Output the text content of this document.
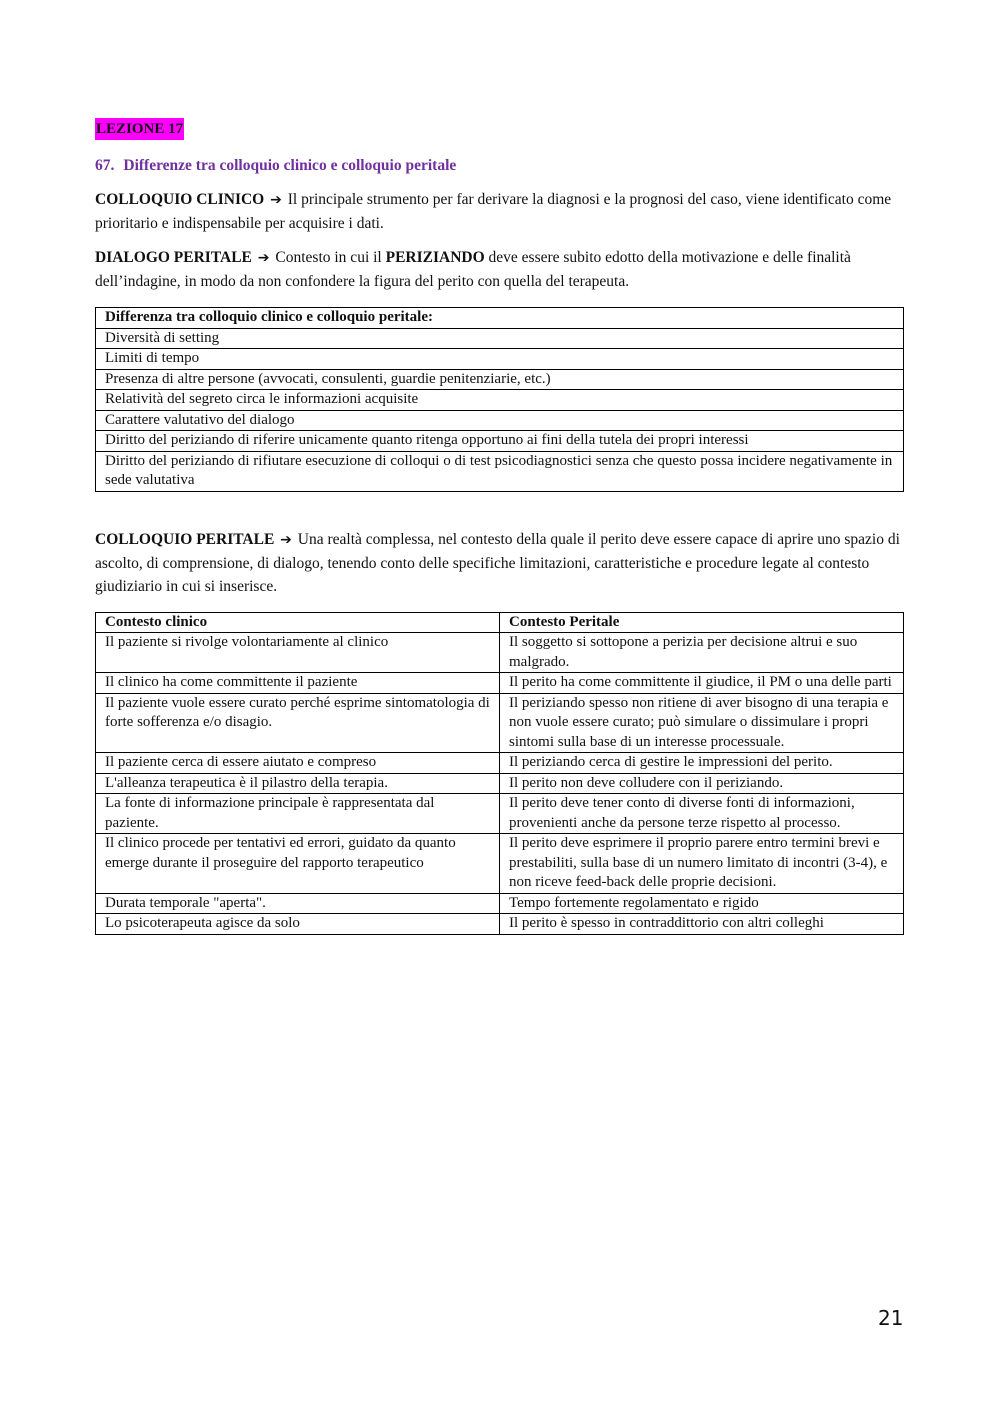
LEZIONE 17
67. Differenze tra colloquio clinico e colloquio peritale
COLLOQUIO CLINICO ➔ Il principale strumento per far derivare la diagnosi e la prognosi del caso, viene identificato come prioritario e indispensabile per acquisire i dati.
DIALOGO PERITALE ➔ Contesto in cui il PERIZIANDO deve essere subito edotto della motivazione e delle finalità dell’indagine, in modo da non confondere la figura del perito con quella del terapeuta.
Differenza tra colloquio clinico e colloquio peritale:
Diversità di setting
Limiti di tempo
Presenza di altre persone (avvocati, consulenti, guardie penitenziarie, etc.)
Relatività del segreto circa le informazioni acquisite
Carattere valutativo del dialogo
Diritto del periziando di riferire unicamente quanto ritenga opportuno ai fini della tutela dei propri interessi
Diritto del periziando di rifiutare esecuzione di colloqui o di test psicodiagnostici senza che questo possa incidere negativamente in sede valutativa
COLLOQUIO PERITALE ➔ Una realtà complessa, nel contesto della quale il perito deve essere capace di aprire uno spazio di ascolto, di comprensione, di dialogo, tenendo conto delle specifiche limitazioni, caratteristiche e procedure legate al contesto giudiziario in cui si inserisce.
Contesto clinico	Contesto Peritale
Il paziente si rivolge volontariamente al clinico	Il soggetto si sottopone a perizia per decisione altrui e suo malgrado.
Il clinico ha come committente il paziente	Il perito ha come committente il giudice, il PM o una delle parti
Il paziente vuole essere curato perché esprime sintomatologia di forte sofferenza e/o disagio.	Il periziando spesso non ritiene di aver bisogno di una terapia e non vuole essere curato; può simulare o dissimulare i propri sintomi sulla base di un interesse processuale.
Il paziente cerca di essere aiutato e compreso	Il periziando cerca di gestire le impressioni del perito.
L'alleanza terapeutica è il pilastro della terapia.	Il perito non deve colludere con il periziando.
La fonte di informazione principale è rappresentata dal paziente.	Il perito deve tener conto di diverse fonti di informazioni, provenienti anche da persone terze rispetto al processo.
Il clinico procede per tentativi ed errori, guidato da quanto emerge durante il proseguire del rapporto terapeutico	Il perito deve esprimere il proprio parere entro termini brevi e prestabiliti, sulla base di un numero limitato di incontri (3-4), e non riceve feed-back delle proprie decisioni.
Durata temporale "aperta".	Tempo fortemente regolamentato e rigido
Lo psicoterapeuta agisce da solo	Il perito è spesso in contraddittorio con altri colleghi
21
